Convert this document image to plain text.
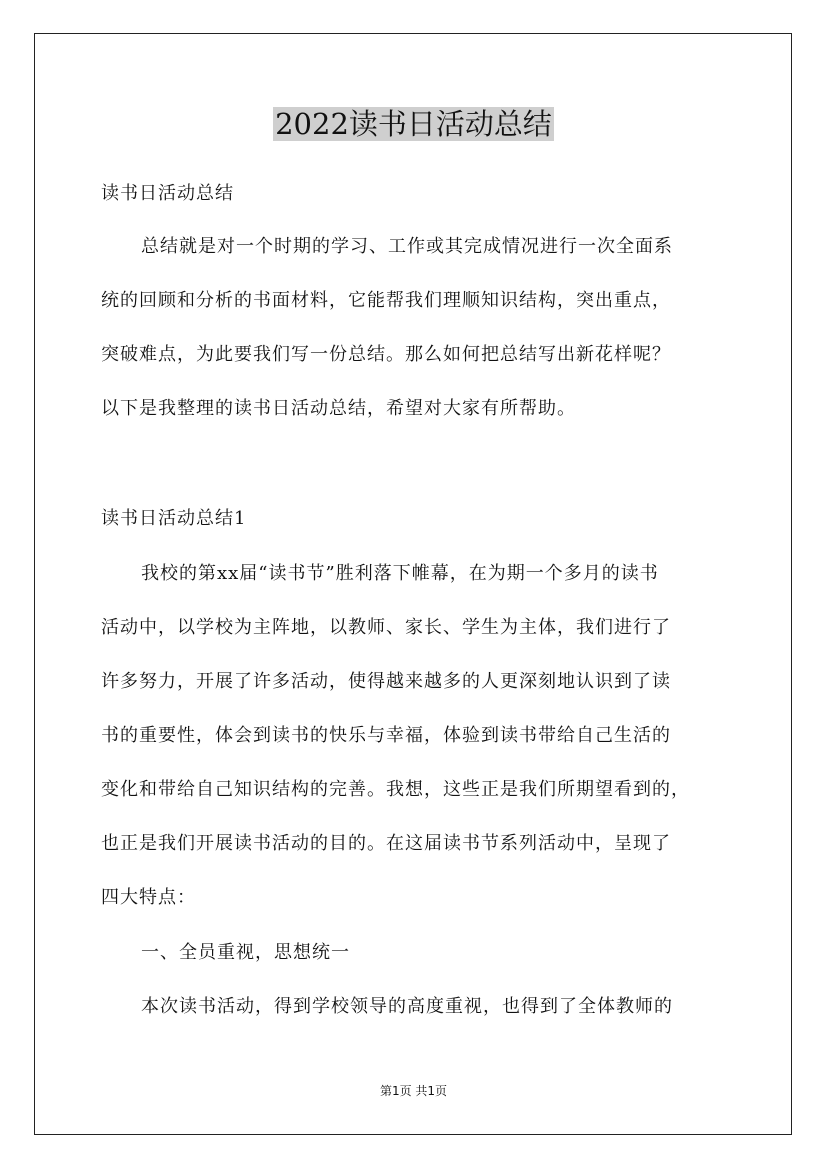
2022读书日活动总结
读书日活动总结
总结就是对一个时期的学习、工作或其完成情况进行一次全面系
统的回顾和分析的书面材料，它能帮我们理顺知识结构，突出重点，
突破难点，为此要我们写一份总结。那么如何把总结写出新花样呢？
以下是我整理的读书日活动总结，希望对大家有所帮助。
读书日活动总结1
我校的第xx届“读书节”胜利落下帷幕，在为期一个多月的读书
活动中，以学校为主阵地，以教师、家长、学生为主体，我们进行了
许多努力，开展了许多活动，使得越来越多的人更深刻地认识到了读
书的重要性，体会到读书的快乐与幸福，体验到读书带给自己生活的
变化和带给自己知识结构的完善。我想，这些正是我们所期望看到的，
也正是我们开展读书活动的目的。在这届读书节系列活动中，呈现了
四大特点：
一、全员重视，思想统一
本次读书活动，得到学校领导的高度重视，也得到了全体教师的
第1页 共1页
